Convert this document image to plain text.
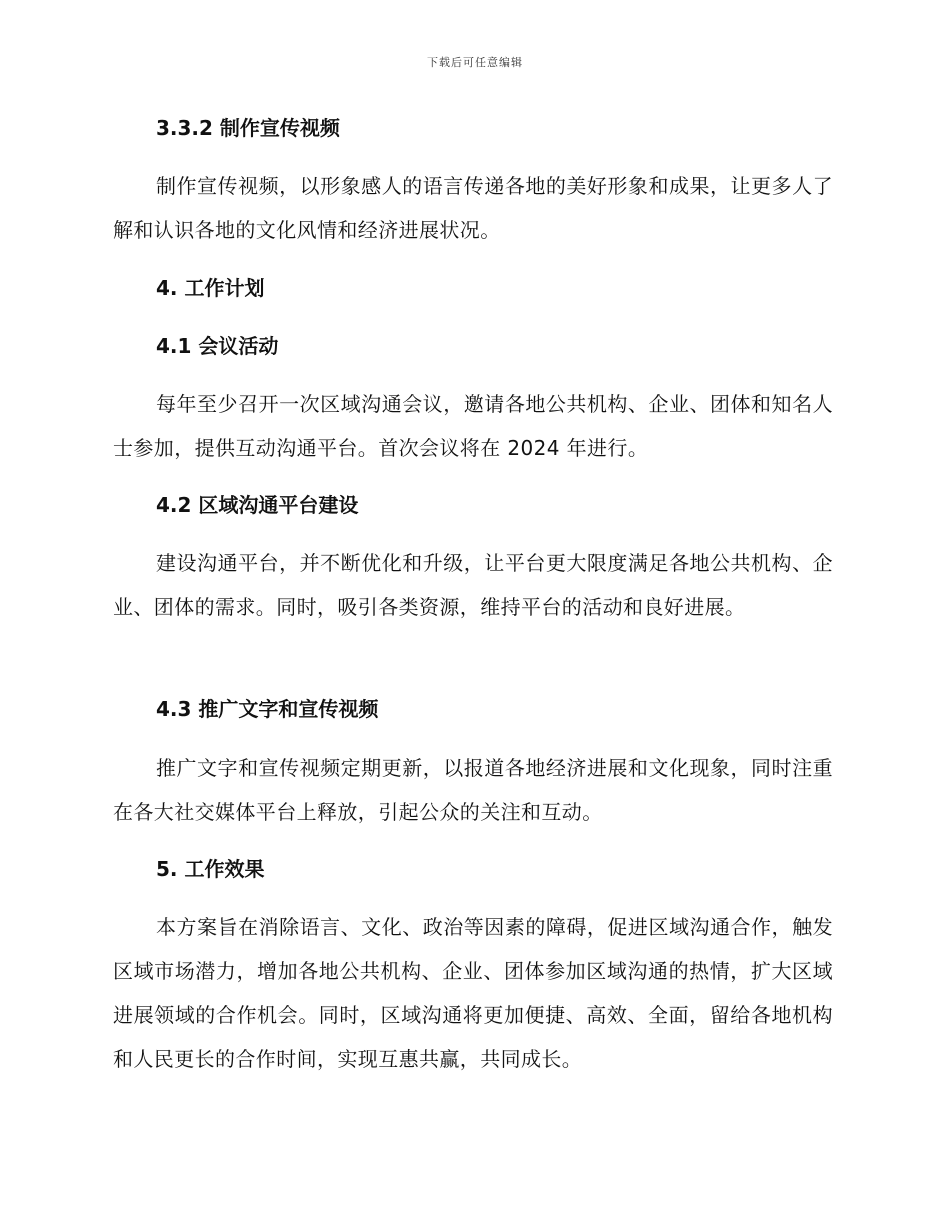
下载后可任意编辑
3.3.2 制作宣传视频

制作宣传视频，以形象感人的语言传递各地的美好形象和成果，让更多人了解和认识各地的文化风情和经济进展状况。

4. 工作计划
4.1 会议活动

每年至少召开一次区域沟通会议，邀请各地公共机构、企业、团体和知名人士参加，提供互动沟通平台。首次会议将在 2024 年进行。

4.2 区域沟通平台建设

建设沟通平台，并不断优化和升级，让平台更大限度满足各地公共机构、企业、团体的需求。同时，吸引各类资源，维持平台的活动和良好进展。

4.3 推广文字和宣传视频

推广文字和宣传视频定期更新，以报道各地经济进展和文化现象，同时注重在各大社交媒体平台上释放，引起公众的关注和互动。

5. 工作效果

本方案旨在消除语言、文化、政治等因素的障碍，促进区域沟通合作，触发区域市场潜力，增加各地公共机构、企业、团体参加区域沟通的热情，扩大区域进展领域的合作机会。同时，区域沟通将更加便捷、高效、全面，留给各地机构和人民更长的合作时间，实现互惠共赢，共同成长。
